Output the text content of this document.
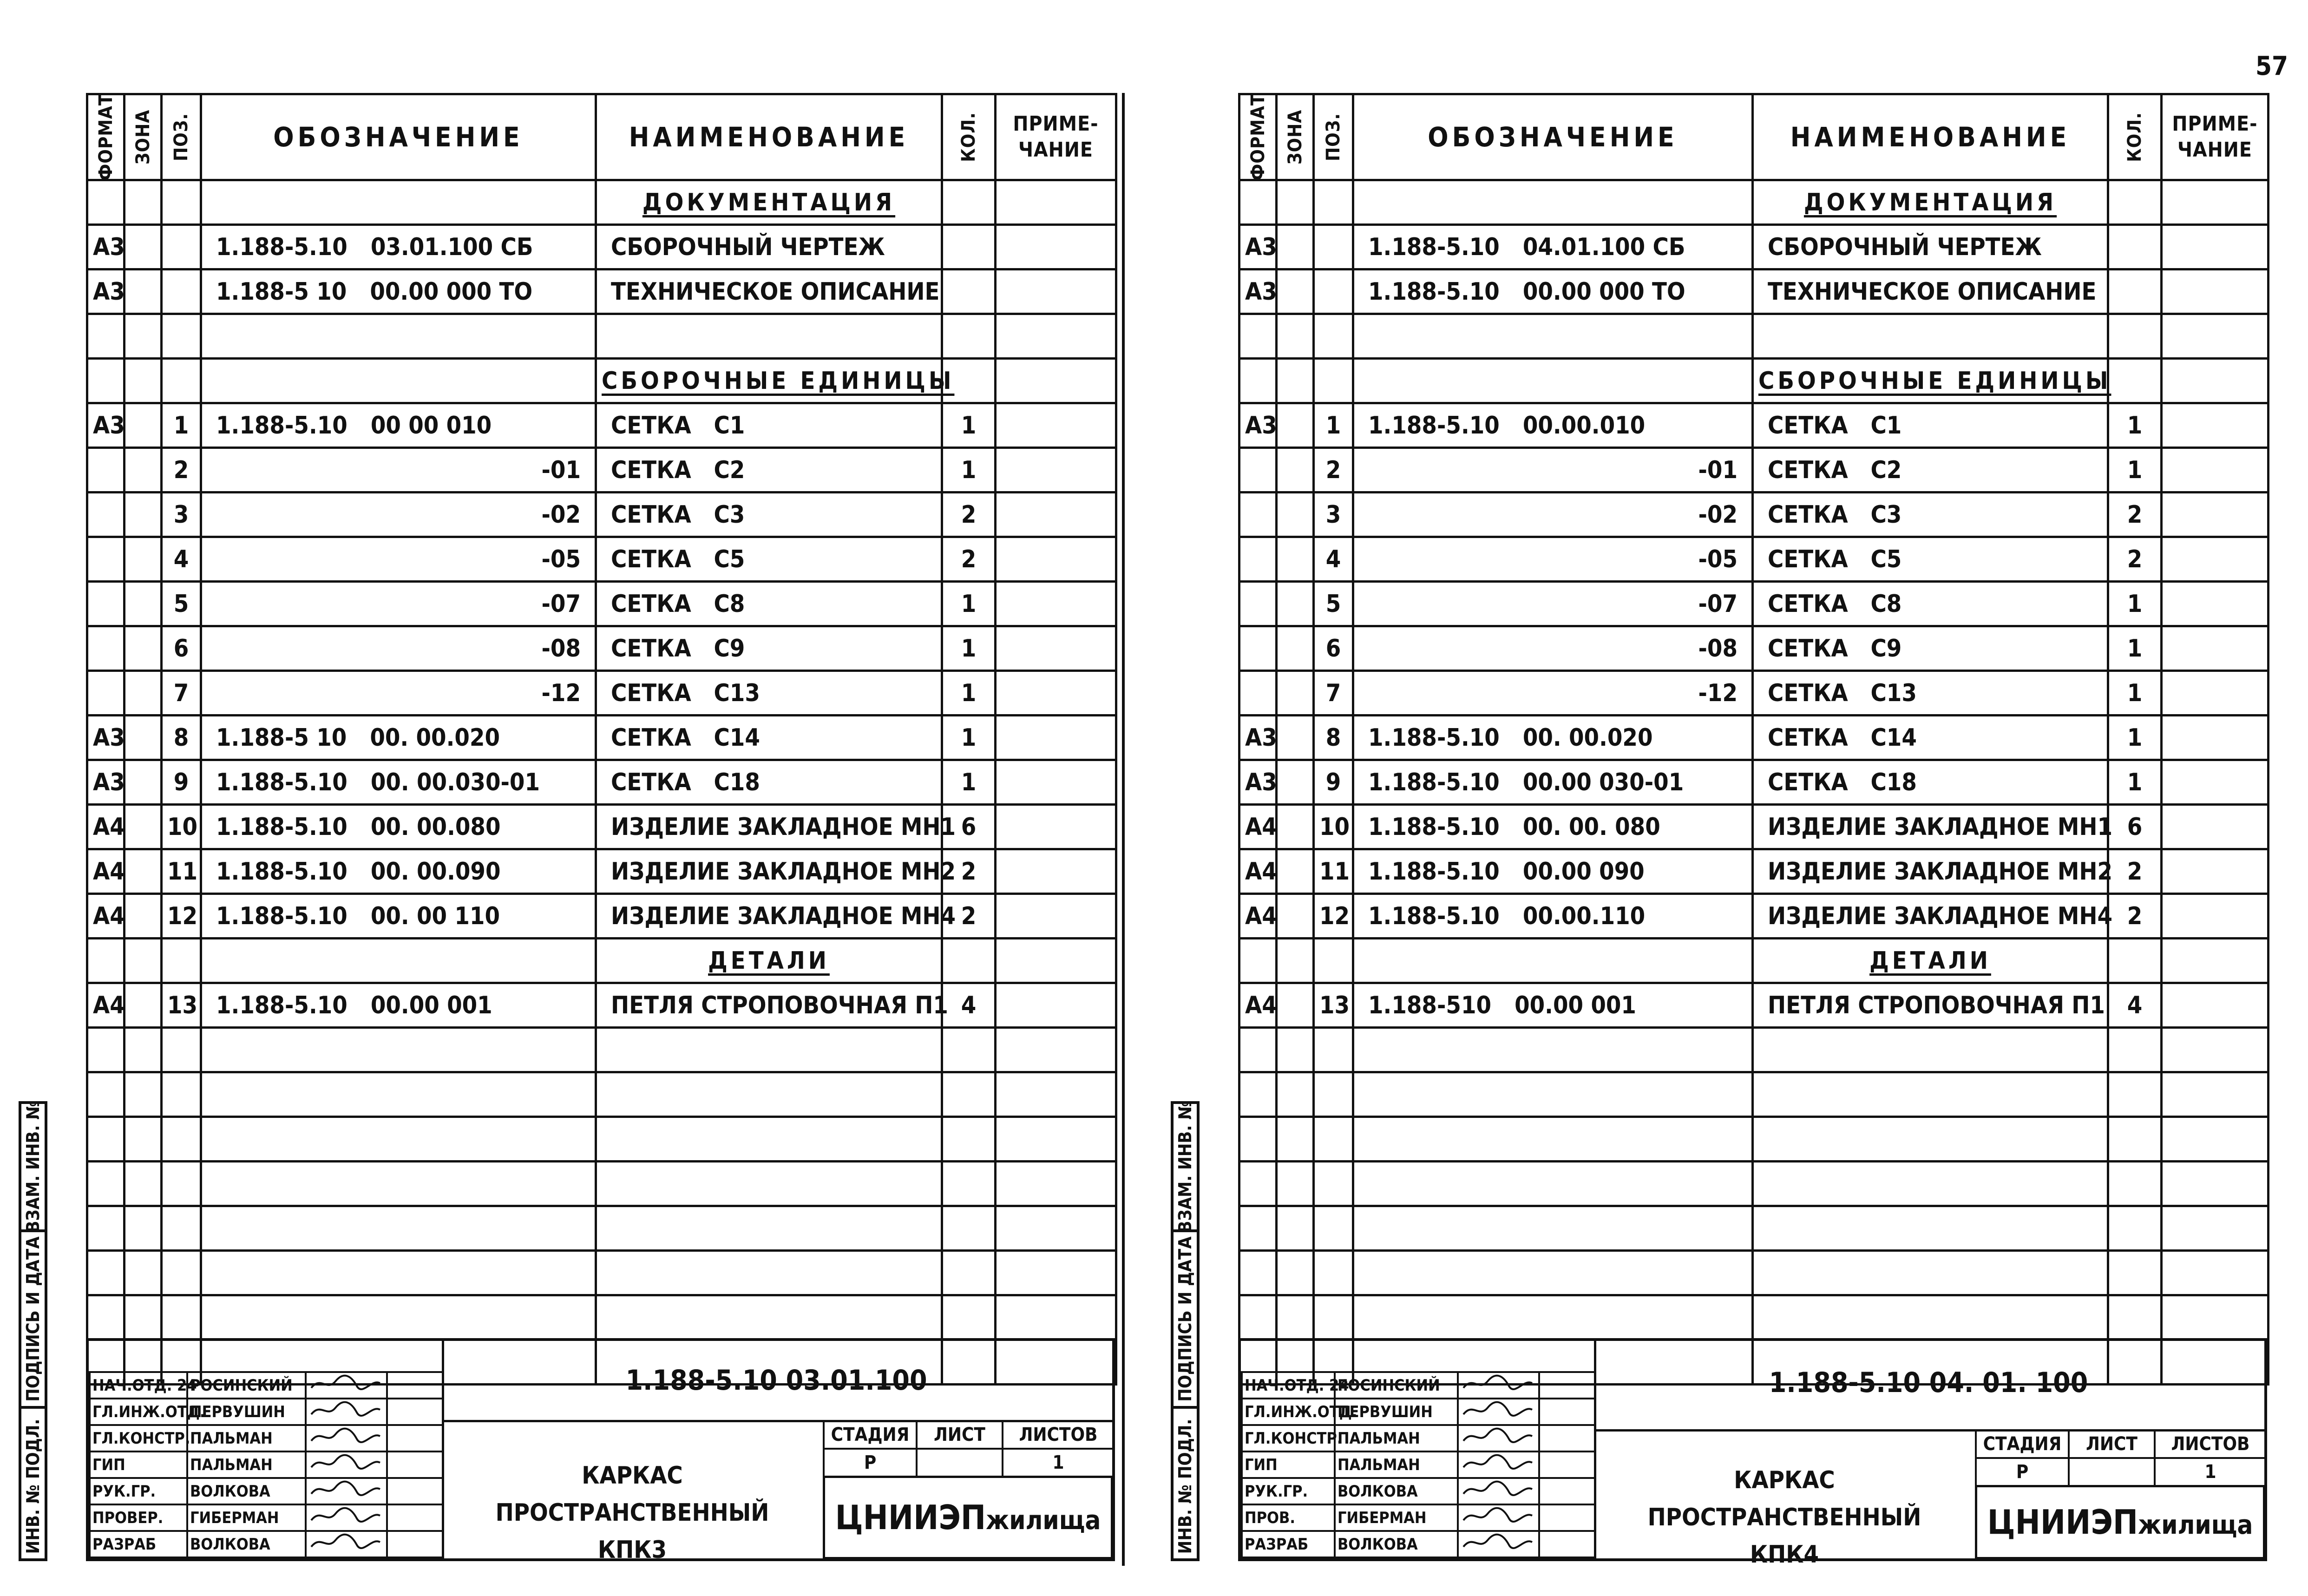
57
ВЗАМ. ИНВ. №
ПОДПИСЬ И ДАТА
ИНВ. № ПОДЛ.
ФОРМАТ	ЗОНА	ПОЗ.	ОБОЗНАЧЕНИЕ	НАИМЕНОВАНИЕ	КОЛ.	ПРИМЕ-
ЧАНИЕ
				ДОКУМЕНТАЦИЯ		
А3			1.188-5.10 03.01.100 СБ	СБОРОЧНЫЙ ЧЕРТЕЖ		
А3			1.188-5 10 00.00 000 ТО	ТЕХНИЧЕСКОЕ ОПИСАНИЕ		

				СБОРОЧНЫЕ ЕДИНИЦЫ		
А3		1	1.188-5.10 00 00 010	СЕТКА   С1	1	
		2	-01	СЕТКА   С2	1	
		3	-02	СЕТКА   С3	2	
		4	-05	СЕТКА   С5	2	
		5	-07	СЕТКА   С8	1	
		6	-08	СЕТКА   С9	1	
		7	-12	СЕТКА   С13	1	
А3		8	1.188-5 10 00. 00.020	СЕТКА   С14	1	
А3		9	1.188-5.10 00. 00.030-01	СЕТКА   С18	1	
А4		10	1.188-5.10 00. 00.080	ИЗДЕЛИЕ ЗАКЛАДНОЕ МН1	6	
А4		11	1.188-5.10 00. 00.090	ИЗДЕЛИЕ ЗАКЛАДНОЕ МН2	2	
А4		12	1.188-5.10 00. 00 110	ИЗДЕЛИЕ ЗАКЛАДНОЕ МН4	2	
				ДЕТАЛИ		
А4		13	1.188-5.10 00.00 001	ПЕТЛЯ СТРОПОВОЧНАЯ П1	4	

НАЧ.ОТД. 24	РОСИНСКИЙ		
ГЛ.ИНЖ.ОТД.	ПЕРВУШИН		
ГЛ.КОНСТР.	ПАЛЬМАН		
ГИП	ПАЛЬМАН		
РУК.ГР.	ВОЛКОВА		
ПРОВЕР.	ГИБЕРМАН		
РАЗРАБ	ВОЛКОВА		
1.188-5.10 03.01.100
КАРКАС ПРОСТРАНСТВЕННЫЙ
КПК3
СТАДИЯ	ЛИСТ	ЛИСТОВ
Р		1
ЦНИИЭПжилища
ВЗАМ. ИНВ. №
ПОДПИСЬ И ДАТА
ИНВ. № ПОДЛ.
ФОРМАТ	ЗОНА	ПОЗ.	ОБОЗНАЧЕНИЕ	НАИМЕНОВАНИЕ	КОЛ.	ПРИМЕ-
ЧАНИЕ
				ДОКУМЕНТАЦИЯ		
А3			1.188-5.10 04.01.100 СБ	СБОРОЧНЫЙ ЧЕРТЕЖ		
А3			1.188-5.10 00.00 000 ТО	ТЕХНИЧЕСКОЕ ОПИСАНИЕ		

				СБОРОЧНЫЕ ЕДИНИЦЫ		
А3		1	1.188-5.10 00.00.010	СЕТКА   С1	1	
		2	-01	СЕТКА   С2	1	
		3	-02	СЕТКА   С3	2	
		4	-05	СЕТКА   С5	2	
		5	-07	СЕТКА   С8	1	
		6	-08	СЕТКА   С9	1	
		7	-12	СЕТКА   С13	1	
А3		8	1.188-5.10 00. 00.020	СЕТКА   С14	1	
А3		9	1.188-5.10 00.00 030-01	СЕТКА   С18	1	
А4		10	1.188-5.10 00. 00. 080	ИЗДЕЛИЕ ЗАКЛАДНОЕ МН1	6	
А4		11	1.188-5.10 00.00 090	ИЗДЕЛИЕ ЗАКЛАДНОЕ МН2	2	
А4		12	1.188-5.10 00.00.110	ИЗДЕЛИЕ ЗАКЛАДНОЕ МН4	2	
				ДЕТАЛИ		
А4		13	1.188-510 00.00 001	ПЕТЛЯ СТРОПОВОЧНАЯ П1	4	

НАЧ.ОТД. 24	РОСИНСКИЙ		
ГЛ.ИНЖ.ОТД.	ПЕРВУШИН		
ГЛ.КОНСТР.	ПАЛЬМАН		
ГИП	ПАЛЬМАН		
РУК.ГР.	ВОЛКОВА		
ПРОВ.	ГИБЕРМАН		
РАЗРАБ	ВОЛКОВА		
1.188-5.10 04. 01. 100
КАРКАС ПРОСТРАНСТВЕННЫЙ
КПК4
СТАДИЯ	ЛИСТ	ЛИСТОВ
Р		1
ЦНИИЭПжилища
